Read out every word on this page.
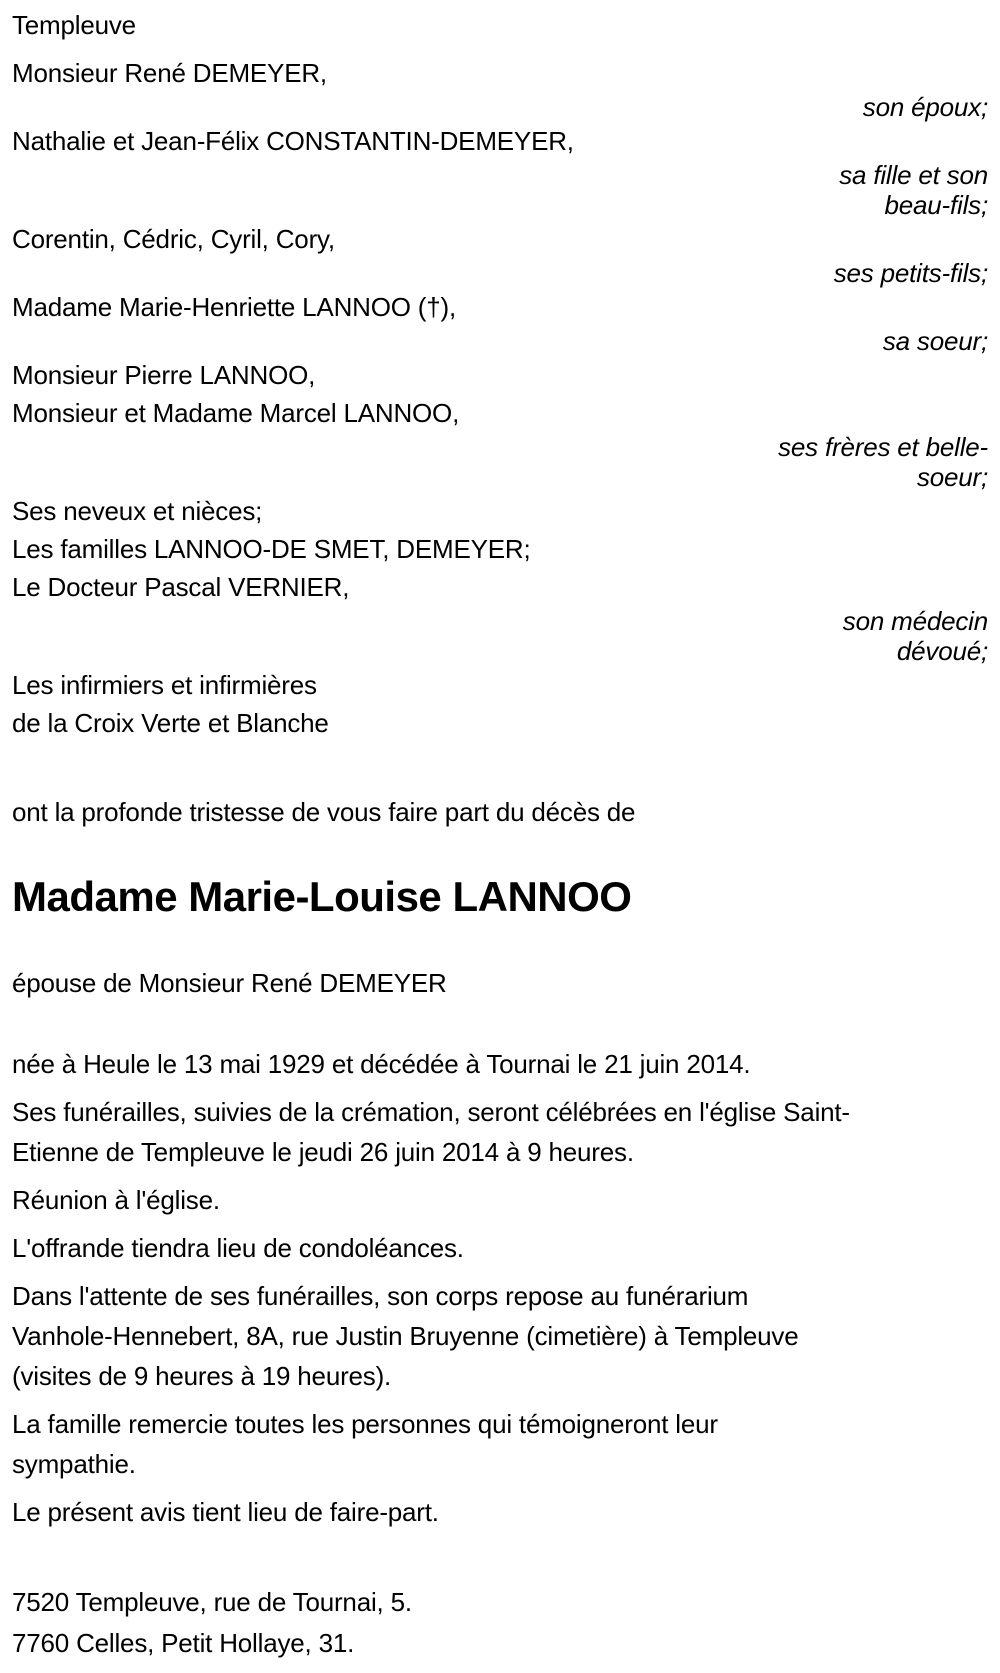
Templeuve
Monsieur René DEMEYER,
son époux;
Nathalie et Jean-Félix CONSTANTIN-DEMEYER,
sa fille et son
beau-fils;
Corentin, Cédric, Cyril, Cory,
ses petits-fils;
Madame Marie-Henriette LANNOO (†),
sa soeur;
Monsieur Pierre LANNOO,
Monsieur et Madame Marcel LANNOO,
ses frères et belle-
soeur;
Ses neveux et nièces;
Les familles LANNOO-DE SMET, DEMEYER;
Le Docteur Pascal VERNIER,
son médecin
dévoué;
Les infirmiers et infirmières
de la Croix Verte et Blanche

ont la profonde tristesse de vous faire part du décès de

Madame Marie-Louise LANNOO

épouse de Monsieur René DEMEYER

née à Heule le 13 mai 1929 et décédée à Tournai le 21 juin 2014.
Ses funérailles, suivies de la crémation, seront célébrées en l'église Saint-
Etienne de Templeuve le jeudi 26 juin 2014 à 9 heures.
Réunion à l'église.
L'offrande tiendra lieu de condoléances.
Dans l'attente de ses funérailles, son corps repose au funérarium
Vanhole-Hennebert, 8A, rue Justin Bruyenne (cimetière) à Templeuve
(visites de 9 heures à 19 heures).
La famille remercie toutes les personnes qui témoigneront leur
sympathie.
Le présent avis tient lieu de faire-part.
7520 Templeuve, rue de Tournai, 5.
7760 Celles, Petit Hollaye, 31.
